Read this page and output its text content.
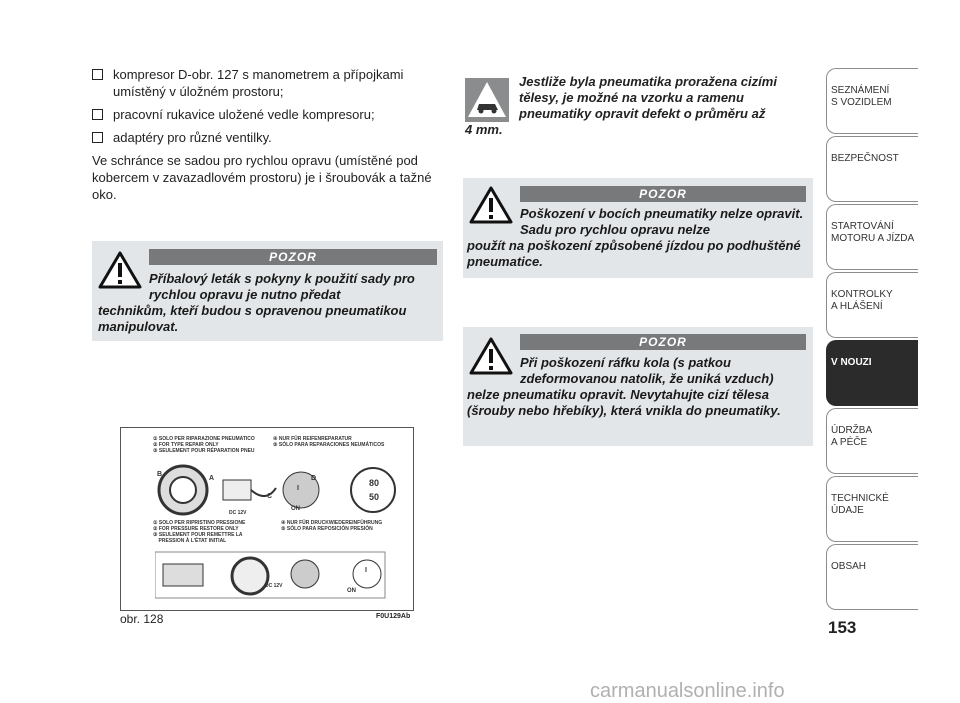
kompresor D-obr. 127 s manometrem a přípojkami umístěný v úložném prostoru;
pracovní rukavice uložené vedle kompresoru;
adaptéry pro různé ventilky.
Ve schránce se sadou pro rychlou opravu (umístěné pod kobercem v zavazadlovém prostoru) je i šroubovák a tažné oko.
POZOR
Příbalový leták s pokyny k použití sady pro rychlou opravu je nutno předat
technikům, kteří budou s opravenou pneumatikou manipulovat.
Jestliže byla pneumatika proražena cizími tělesy, je možné na vzorku a ramenu pneumatiky opravit defekt o průměru až
4 mm.
POZOR
Poškození v bocích pneumatiky nelze opravit. Sadu pro rychlou opravu nelze
použít na poškození způsobené jízdou po podhuštěné pneumatice.
POZOR
Při poškození ráfku kola (s patkou zdeformovanou natolik, že uniká vzduch)
nelze pneumatiku opravit. Nevytahujte cizí tělesa (šrouby nebo hřebíky), která vnikla do pneumatiky.
① SOLO PER RIPARAZIONE PNEUMATICO
② FOR TYPE REPAIR ONLY
③ SEULEMENT POUR RÉPARATION PNEU
④ NUR FÜR REIFENREPARATUR
⑤ SÓLO PARA REPARACIONES NEUMÁTICOS
B
A
C
D
I
ON
80
50
DC 12V
① SOLO PER RIPRISTINO PRESSIONE
② FOR PRESSURE RESTORE ONLY
③ SEULEMENT POUR REMETTRE LA
PRESSION À L'ÉTAT INITIAL
④ NUR FÜR DRUCKWIEDEREINFÜHRUNG
⑤ SÓLO PARA REPOSICIÓN PRESIÓN
DC 12V
I
ON
obr. 128	F0U129Ab
SEZNÁMENÍ
S VOZIDLEM
BEZPEČNOST
STARTOVÁNÍ
MOTORU A JÍZDA
KONTROLKY
A HLÁŠENÍ
V NOUZI
ÚDRŽBA
A PÉČE
TECHNICKÉ
ÚDAJE
OBSAH
153
carmanualsonline.info
